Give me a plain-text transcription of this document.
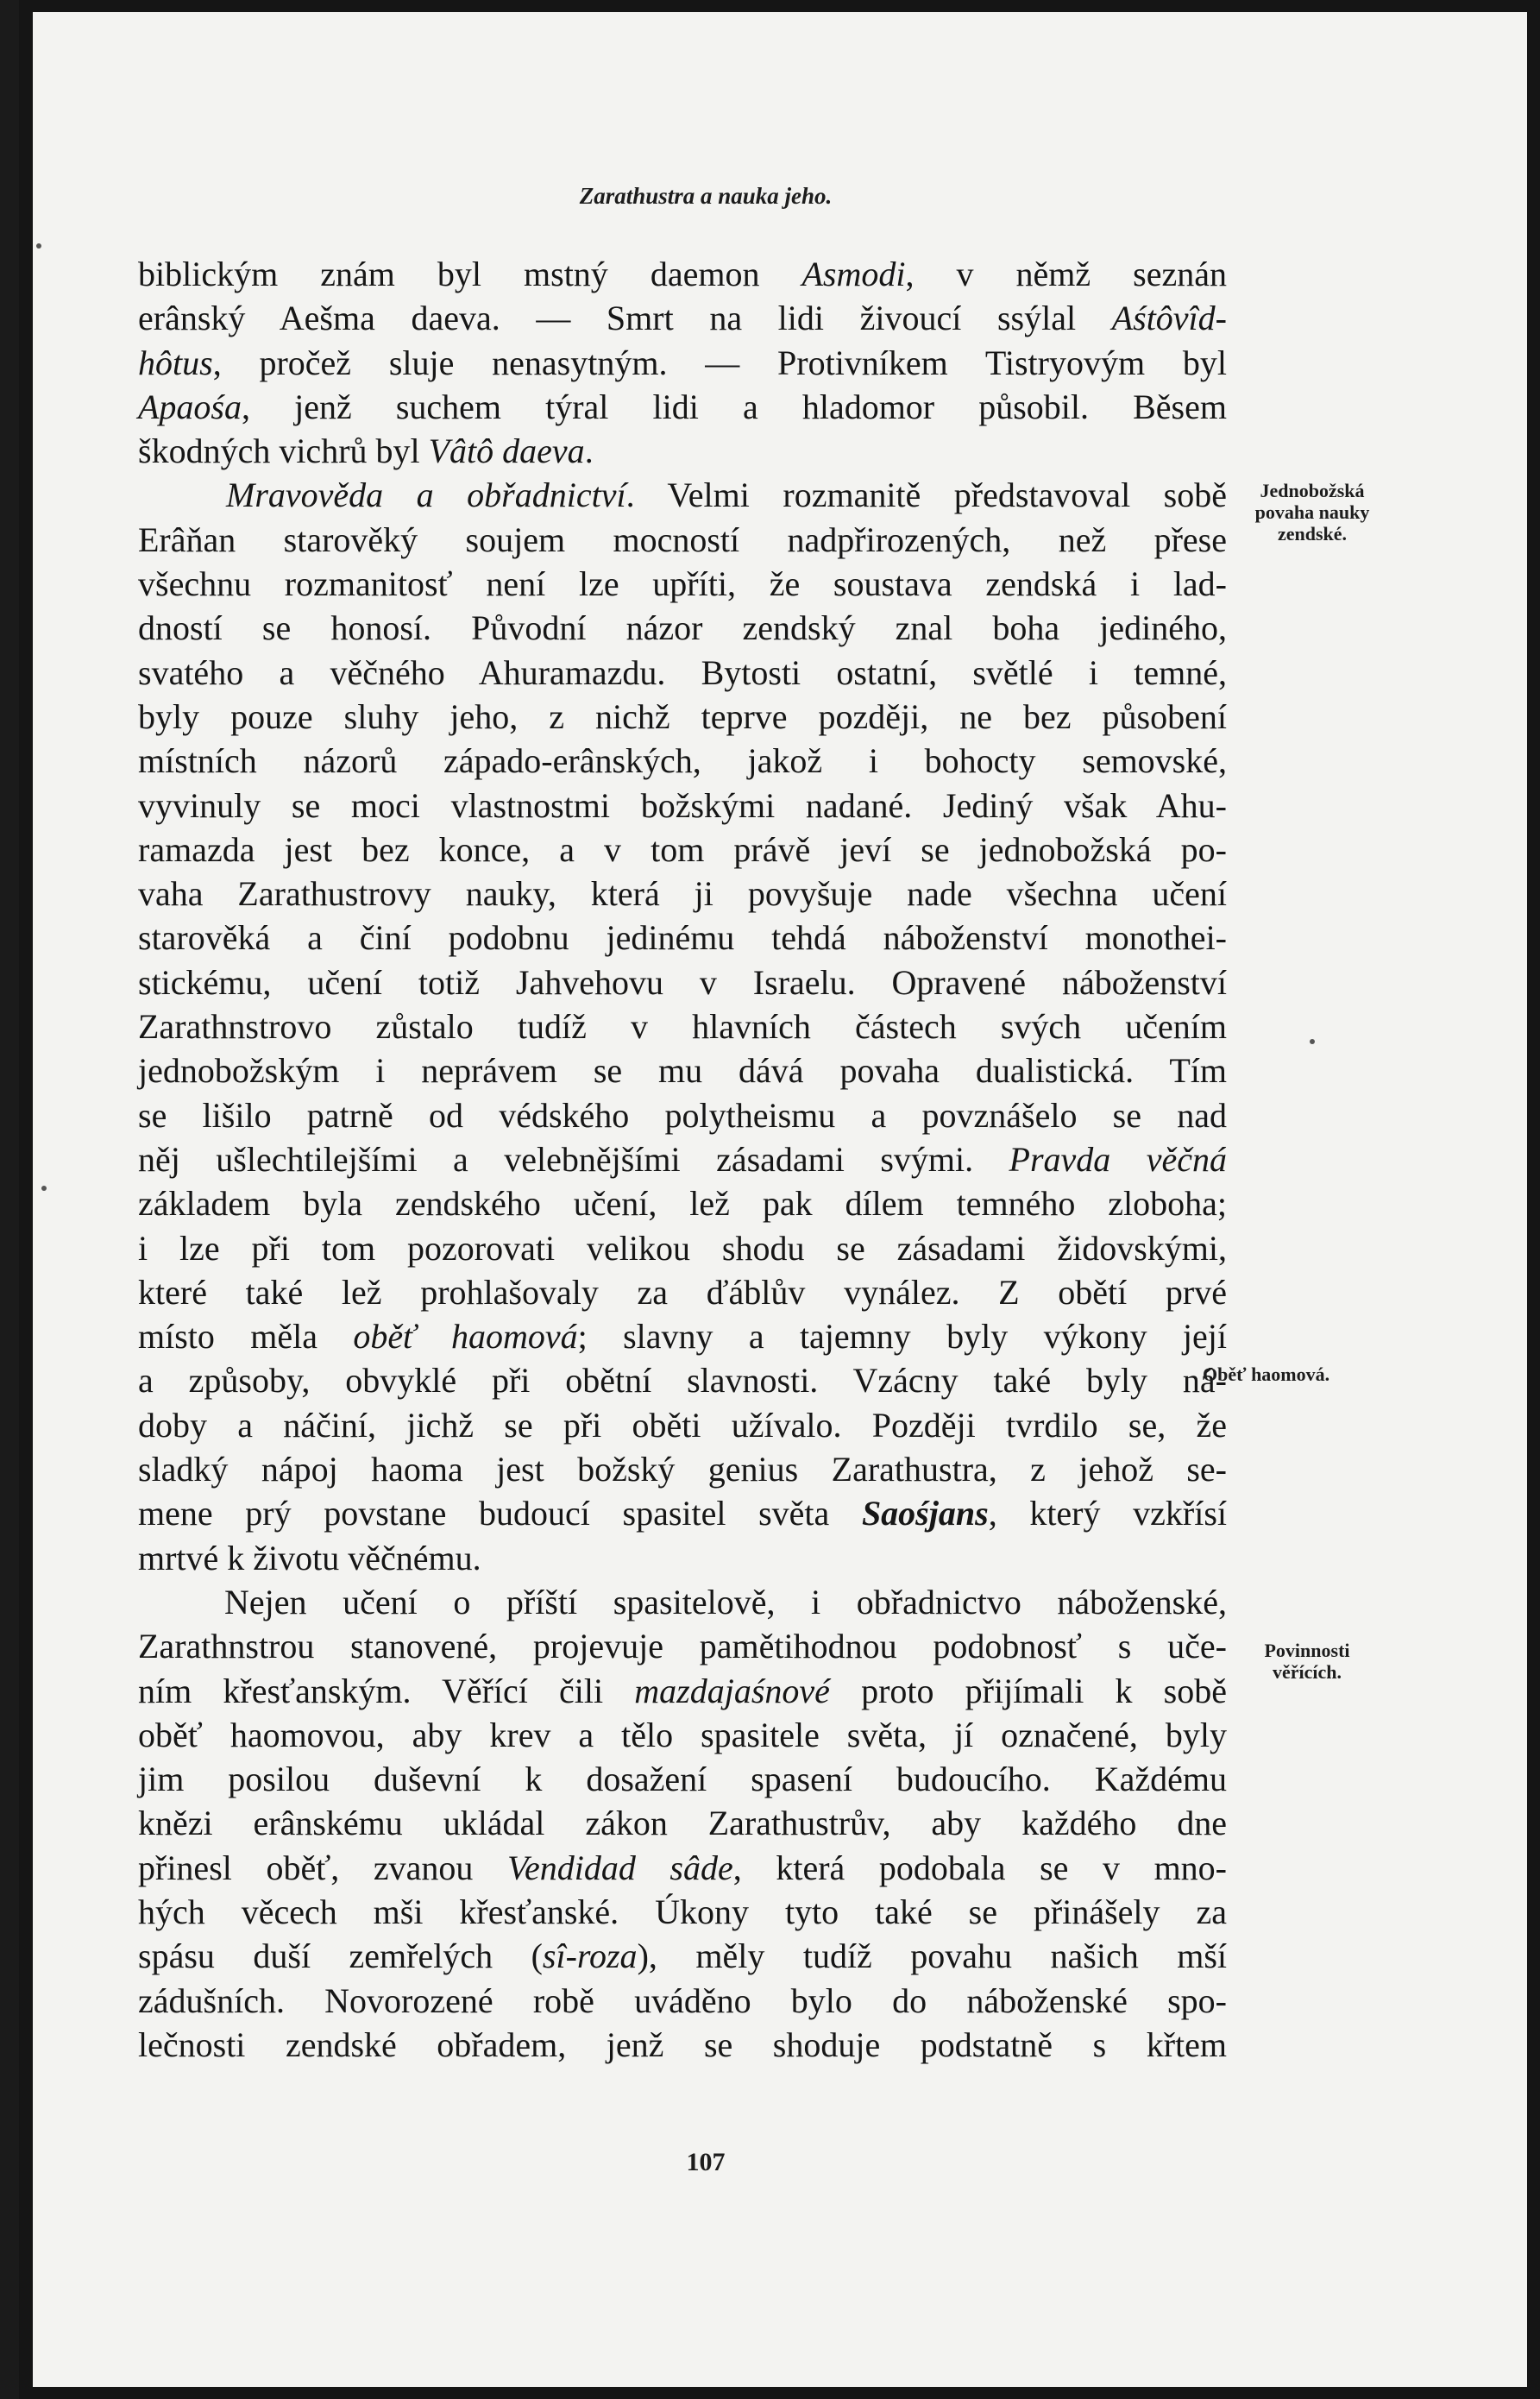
Zarathustra a nauka jeho.
biblickým znám byl mstný daemon Asmodi, v němž seznán
erânský Aešma daeva. — Smrt na lidi živoucí ssýlal Aśtôvîd-
hôtus, pročež sluje nenasytným. — Protivníkem Tistryovým byl
Apaośa, jenž suchem týral lidi a hladomor působil. Běsem
škodných vichrů byl Vâtô daeva.
Mravověda a obřadnictví. Velmi rozmanitě představoval sobě
Erâňan starověký soujem mocností nadpřirozených, než přese
všechnu rozmanitosť není lze upříti, že soustava zendská i lad-
dností se honosí. Původní názor zendský znal boha jediného,
svatého a věčného Ahuramazdu. Bytosti ostatní, světlé i temné,
byly pouze sluhy jeho, z nichž teprve později, ne bez působení
místních názorů západo-erânských, jakož i bohocty semovské,
vyvinuly se moci vlastnostmi božskými nadané. Jediný však Ahu-
ramazda jest bez konce, a v tom právě jeví se jednobožská po-
vaha Zarathustrovy nauky, která ji povyšuje nade všechna učení
starověká a činí podobnu jedinému tehdá náboženství monothei-
stickému, učení totiž Jahvehovu v Israelu. Opravené náboženství
Zarathnstrovo zůstalo tudíž v hlavních částech svých učením
jednobožským i neprávem se mu dává povaha dualistická. Tím
se lišilo patrně od védského polytheismu a povznášelo se nad
něj ušlechtilejšími a velebnějšími zásadami svými. Pravda věčná
základem byla zendského učení, lež pak dílem temného zloboha;
i lze při tom pozorovati velikou shodu se zásadami židovskými,
které také lež prohlašovaly za ďáblův vynález. Z obětí prvé
místo měla oběť haomová; slavny a tajemny byly výkony její
a způsoby, obvyklé při obětní slavnosti. Vzácny také byly ná-
doby a náčiní, jichž se při oběti užívalo. Později tvrdilo se, že
sladký nápoj haoma jest božský genius Zarathustra, z jehož se-
mene prý povstane budoucí spasitel světa Saośjans, který vzkřísí
mrtvé k životu věčnému.
Nejen učení o příští spasitelově, i obřadnictvo náboženské,
Zarathnstrou stanovené, projevuje pamětihodnou podobnosť s uče-
ním křesťanským. Věřící čili mazdajaśnové proto přijímali k sobě
oběť haomovou, aby krev a tělo spasitele světa, jí označené, byly
jim posilou duševní k dosažení spasení budoucího. Každému
knězi erânskému ukládal zákon Zarathustrův, aby každého dne
přinesl oběť, zvanou Vendidad sâde, která podobala se v mno-
hých věcech mši křesťanské. Úkony tyto také se přinášely za
spásu duší zemřelých (sî-roza), měly tudíž povahu našich mší
zádušních. Novorozené robě uváděno bylo do náboženské spo-
lečnosti zendské obřadem, jenž se shoduje podstatně s křtem
Jednobožská
povaha nauky
zendské.
Oběť haomová.
Povinnosti
věřících.
107
